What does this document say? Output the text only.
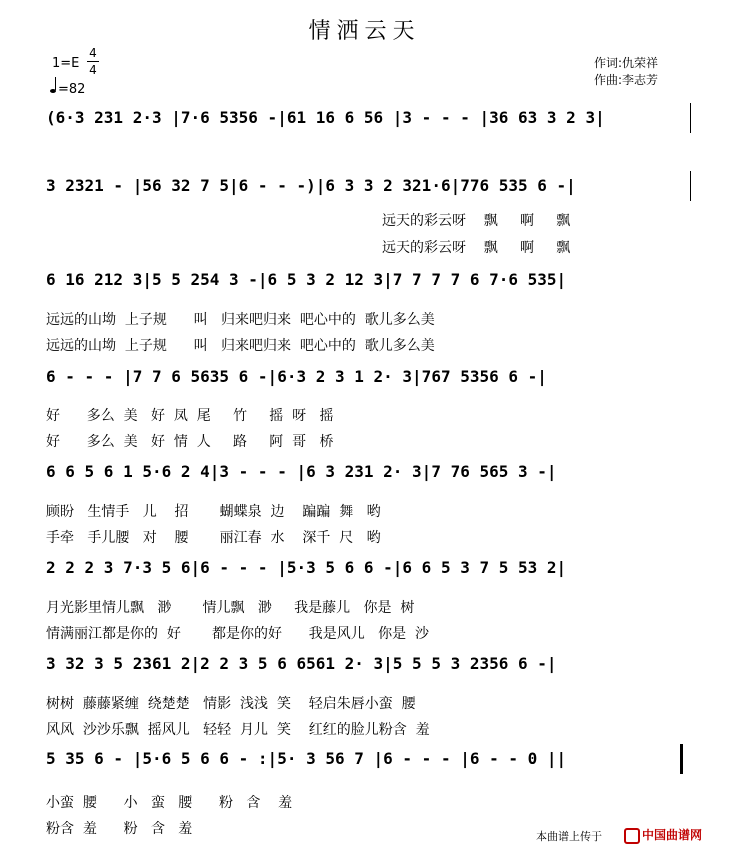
情洒云天
1=E
4
4
=82
作词:仇荣祥
作曲:李志芳
(6·3 231 2·3 |7·6 5356 -|61 16 6 56 |3 - - - |36 63 3 2 3|
3 2321 - |56 32 7 5|6 - - -)|6 3 3 2 321·6|776 535 6 -|
6 16 212 3|5 5 254 3 -|6 5 3 2 12 3|7 7 7 7 6 7·6 535|
6 - - - |7 7 6 5635 6 -|6·3 2 3 1 2· 3|767 5356 6 -|
6 6 5 6 1 5·6 2 4|3 - - - |6 3 231 2· 3|7 76 565 3 -|
2 2 2 3 7·3 5 6|6 - - - |5·3 5 6 6 -|6 6 5 3 7 5 53 2|
3 32 3 5 2361 2|2 2 3 5 6 6561 2· 3|5 5 5 3 2356 6 -|
5 35 6 - |5·6 5 6 6 - :|5· 3 56 7 |6 - - - |6 - - 0 ||
远天的彩云呀    飘     啊     飘
远天的彩云呀    飘     啊     飘
远远的山坳  上子规      叫   归来吧归来  吧心中的  歌儿多么美
远远的山坳  上子规      叫   归来吧归来  吧心中的  歌儿多么美
好      多么  美   好  凤  尾     竹     摇  呀   摇
好      多么  美   好  情  人     路     阿  哥   桥
顾盼   生情手   儿    招       蝴蝶泉  边    蹁蹁  舞   哟
手牵   手儿腰   对    腰       丽江春  水    深千  尺   哟
月光影里情儿飘   渺       情儿飘   渺     我是藤儿   你是  树
情满丽江都是你的  好       都是你的好      我是风儿   你是  沙
树树  藤藤紧缠  绕楚楚   情影  浅浅  笑    轻启朱唇小蛮  腰
风风  沙沙乐飘  摇风儿   轻轻  月儿  笑    红红的脸儿粉含  羞
小蛮  腰      小   蛮   腰      粉   含    羞
粉含  羞      粉   含   羞	本曲谱上传于	中国曲谱网
